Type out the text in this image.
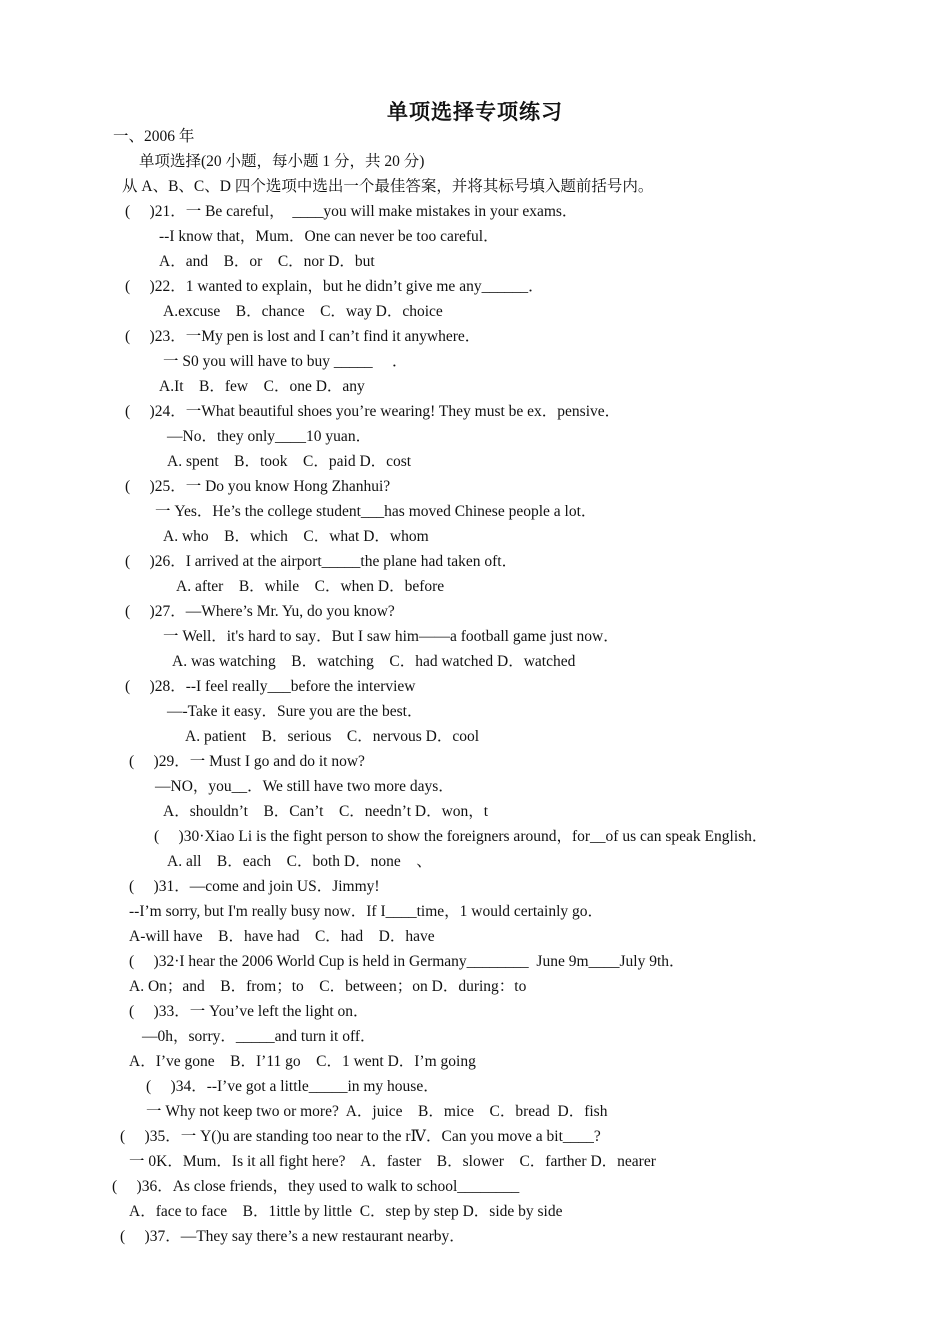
单项选择专项练习
一、2006 年
单项选择(20 小题，每小题 1 分，共 20 分)
从 A、B、C、D 四个选项中选出一个最佳答案，并将其标号填入题前括号内。
(     )21．一 Be careful，  ____you will make mistakes in your exams．
--I know that，Mum．One can never be too careful．
A．and    B．or    C．nor D．but
(     )22．1 wanted to explain，but he didn’t give me any______．
A.excuse    B．chance    C．way D．choice
(     )23．一My pen is lost and I can’t find it anywhere．
一 S0 you will have to buy _____     ．
A.It    B．few    C．one D．any
(     )24．一What beautiful shoes you’re wearing! They must be ex．pensive．
—No．they only____10 yuan．
A. spent    B．took    C．paid D．cost
(     )25．一 Do you know Hong Zhanhui?
一 Yes．He’s the college student___has moved Chinese people a lot．
A. who    B．which    C．what D．whom
(     )26．I arrived at the airport_____the plane had taken oft．
A. after    B．while    C．when D．before
(     )27．—Where’s Mr. Yu, do you know?
一 Well．it's hard to say．But I saw him——a football game just now．
A. was watching    B．watching    C．had watched D．watched
(     )28．--I feel really___before the interview
—-Take it easy．Sure you are the best．
A. patient    B．serious    C．nervous D．cool
(     )29．一 Must I go and do it now?
—NO，you__．We still have two more days．
A．shouldn’t    B．Can’t    C．needn’t D．won，t
(     )30·Xiao Li is the fight person to show the foreigners around，for__of us can speak English．
A. all    B．each    C．both D．none    、
(     )31．—come and join US．Jimmy!
--I’m sorry, but I'm really busy now．If I____time，1 would certainly go．
A-will have    B．have had    C．had    D．have
(     )32·I hear the 2006 World Cup is held in Germany________  June 9m____July 9th．
A. On；and    B．from；to    C．between；on D．during：to
(     )33．一 You’ve left the light on．
—0h，sorry．_____and turn it off．
A．I’ve gone    B．I’11 go    C．1 went D．I’m going
(     )34．--I’ve got a little_____in my house．
一 Why not keep two or more?  A．juice    B．mice    C．bread  D．fish
(     )35．一 Y()u are standing too near to the rⅣ．Can you move a bit____?
一 0K．Mum．Is it all fight here?    A．faster    B．slower    C．farther D．nearer
(     )36．As close friends，they used to walk to school________
A．face to face    B．1ittle by little  C．step by step D．side by side
(     )37．—They say there’s a new restaurant nearby．
